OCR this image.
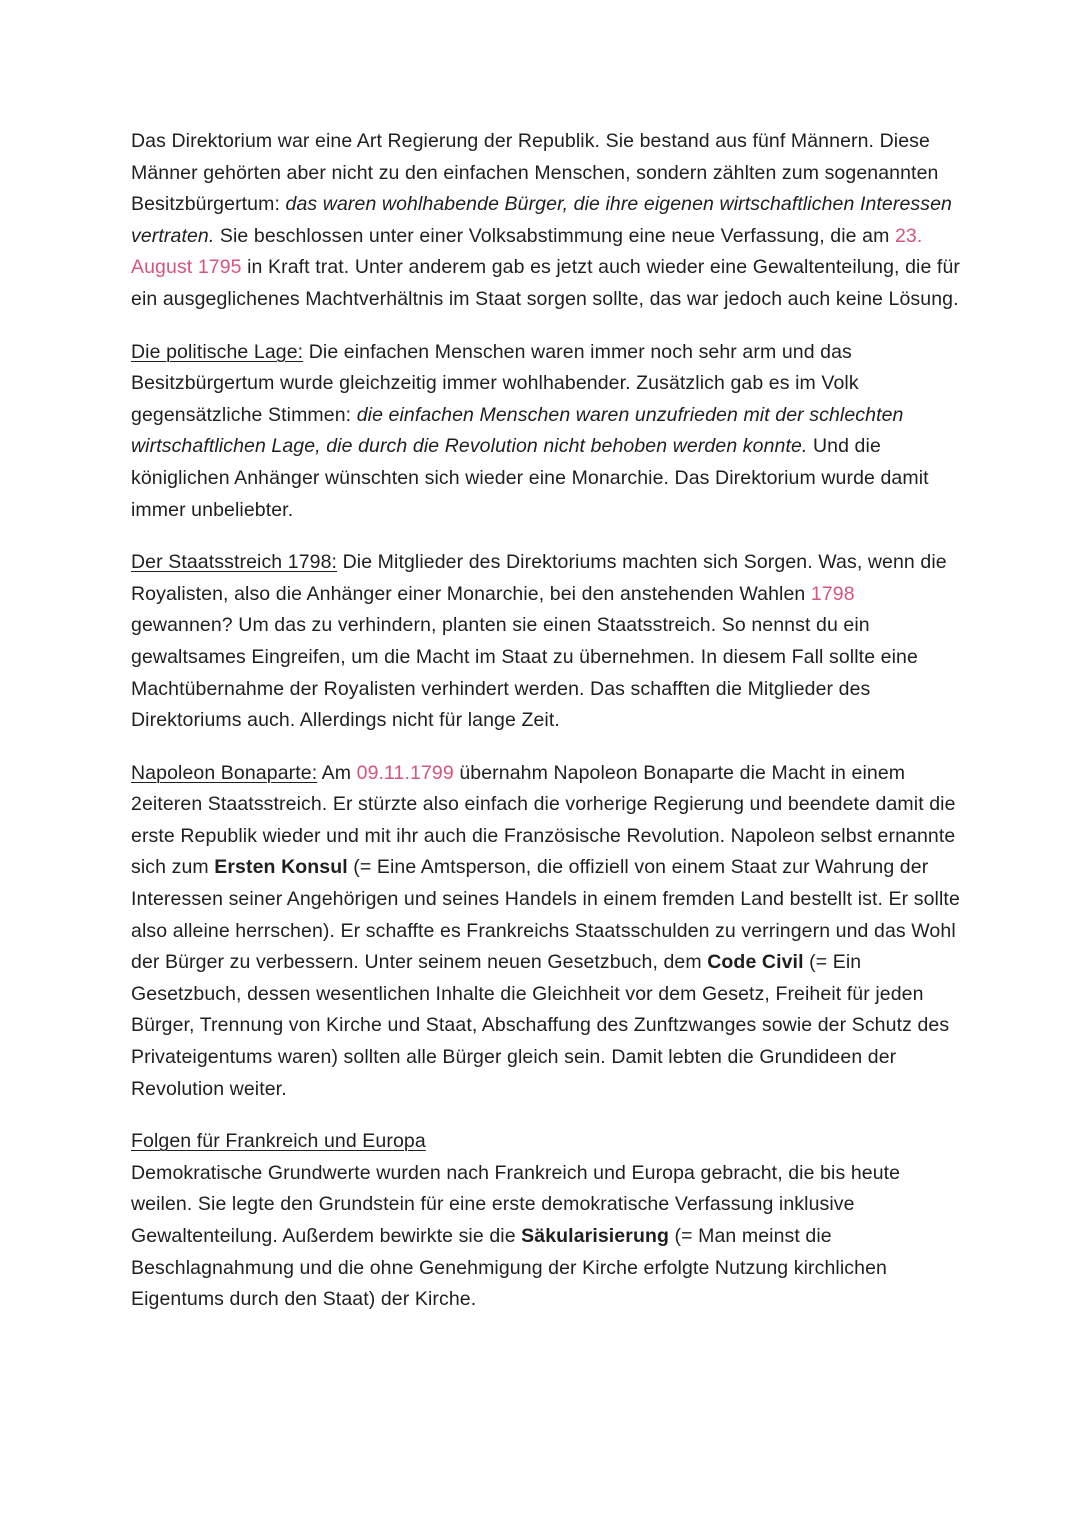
Das Direktorium war eine Art Regierung der Republik. Sie bestand aus fünf Männern. Diese Männer gehörten aber nicht zu den einfachen Menschen, sondern zählten zum sogenannten Besitzbürgertum: das waren wohlhabende Bürger, die ihre eigenen wirtschaftlichen Interessen vertraten. Sie beschlossen unter einer Volksabstimmung eine neue Verfassung, die am 23. August 1795 in Kraft trat. Unter anderem gab es jetzt auch wieder eine Gewaltenteilung, die für ein ausgeglichenes Machtverhältnis im Staat sorgen sollte, das war jedoch auch keine Lösung.

Die politische Lage: Die einfachen Menschen waren immer noch sehr arm und das Besitzbürgertum wurde gleichzeitig immer wohlhabender. Zusätzlich gab es im Volk gegensätzliche Stimmen: die einfachen Menschen waren unzufrieden mit der schlechten wirtschaftlichen Lage, die durch die Revolution nicht behoben werden konnte. Und die königlichen Anhänger wünschten sich wieder eine Monarchie. Das Direktorium wurde damit immer unbeliebter.

Der Staatsstreich 1798: Die Mitglieder des Direktoriums machten sich Sorgen. Was, wenn die Royalisten, also die Anhänger einer Monarchie, bei den anstehenden Wahlen 1798 gewannen? Um das zu verhindern, planten sie einen Staatsstreich. So nennst du ein gewaltsames Eingreifen, um die Macht im Staat zu übernehmen. In diesem Fall sollte eine Machtübernahme der Royalisten verhindert werden. Das schafften die Mitglieder des Direktoriums auch. Allerdings nicht für lange Zeit.

Napoleon Bonaparte: Am 09.11.1799 übernahm Napoleon Bonaparte die Macht in einem 2eiteren Staatsstreich. Er stürzte also einfach die vorherige Regierung und beendete damit die erste Republik wieder und mit ihr auch die Französische Revolution. Napoleon selbst ernannte sich zum Ersten Konsul (= Eine Amtsperson, die offiziell von einem Staat zur Wahrung der Interessen seiner Angehörigen und seines Handels in einem fremden Land bestellt ist. Er sollte also alleine herrschen). Er schaffte es Frankreichs Staatsschulden zu verringern und das Wohl der Bürger zu verbessern. Unter seinem neuen Gesetzbuch, dem Code Civil (= Ein Gesetzbuch, dessen wesentlichen Inhalte die Gleichheit vor dem Gesetz, Freiheit für jeden Bürger, Trennung von Kirche und Staat, Abschaffung des Zunftzwanges sowie der Schutz des Privateigentums waren) sollten alle Bürger gleich sein. Damit lebten die Grundideen der Revolution weiter.

Folgen für Frankreich und Europa
Demokratische Grundwerte wurden nach Frankreich und Europa gebracht, die bis heute weilen. Sie legte den Grundstein für eine erste demokratische Verfassung inklusive Gewaltenteilung. Außerdem bewirkte sie die Säkularisierung (= Man meinst die Beschlagnahmung und die ohne Genehmigung der Kirche erfolgte Nutzung kirchlichen Eigentums durch den Staat) der Kirche.
